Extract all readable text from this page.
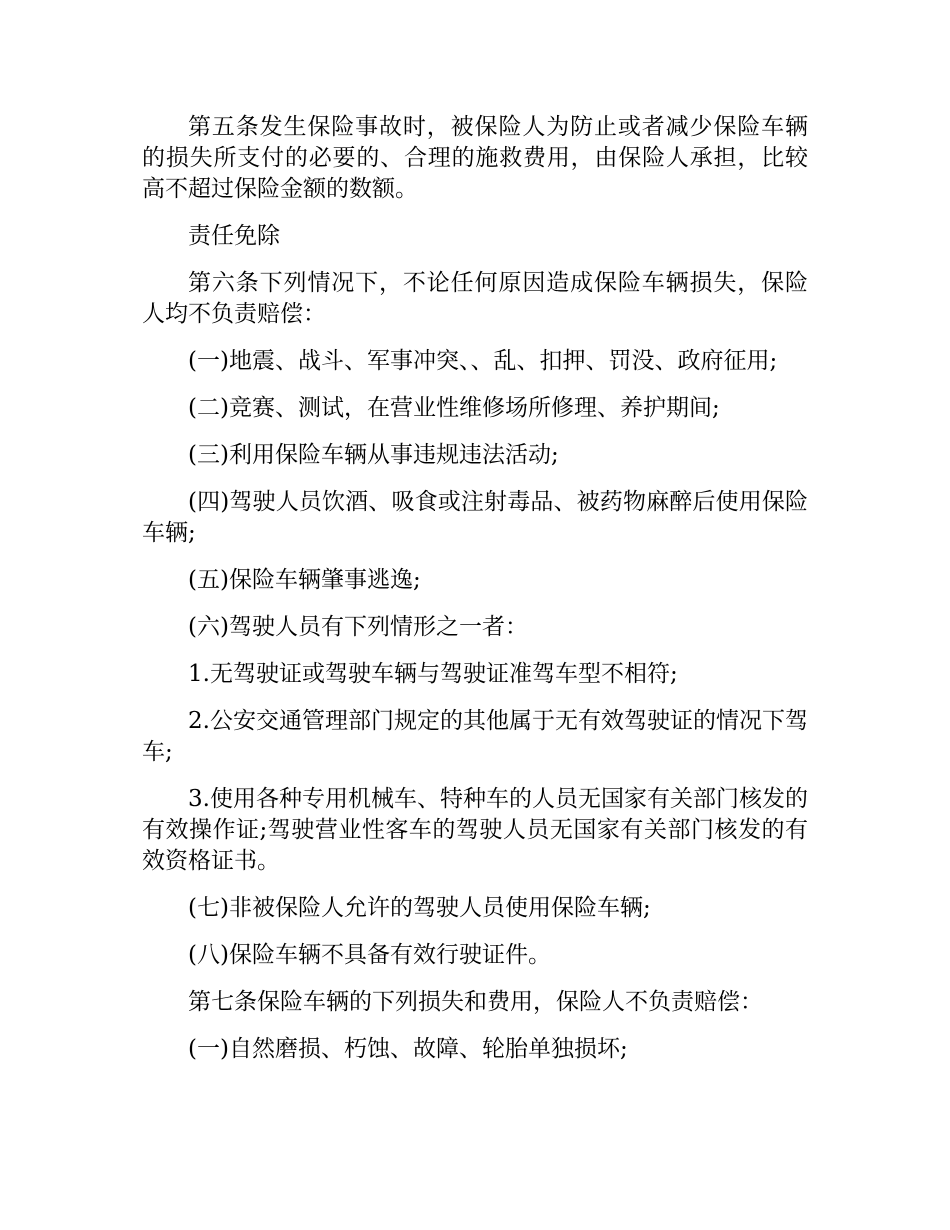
第五条发生保险事故时，被保险人为防止或者减少保险车辆的损失所支付的必要的、合理的施救费用，由保险人承担，比较高不超过保险金额的数额。

责任免除

第六条下列情况下，不论任何原因造成保险车辆损失，保险人均不负责赔偿：

(一)地震、战斗、军事冲突、、乱、扣押、罚没、政府征用;

(二)竞赛、测试，在营业性维修场所修理、养护期间;

(三)利用保险车辆从事违规违法活动;

(四)驾驶人员饮酒、吸食或注射毒品、被药物麻醉后使用保险车辆;

(五)保险车辆肇事逃逸;

(六)驾驶人员有下列情形之一者：

1.无驾驶证或驾驶车辆与驾驶证准驾车型不相符;

2.公安交通管理部门规定的其他属于无有效驾驶证的情况下驾车;

3.使用各种专用机械车、特种车的人员无国家有关部门核发的有效操作证;驾驶营业性客车的驾驶人员无国家有关部门核发的有效资格证书。

(七)非被保险人允许的驾驶人员使用保险车辆;

(八)保险车辆不具备有效行驶证件。

第七条保险车辆的下列损失和费用，保险人不负责赔偿：

(一)自然磨损、朽蚀、故障、轮胎单独损坏;
